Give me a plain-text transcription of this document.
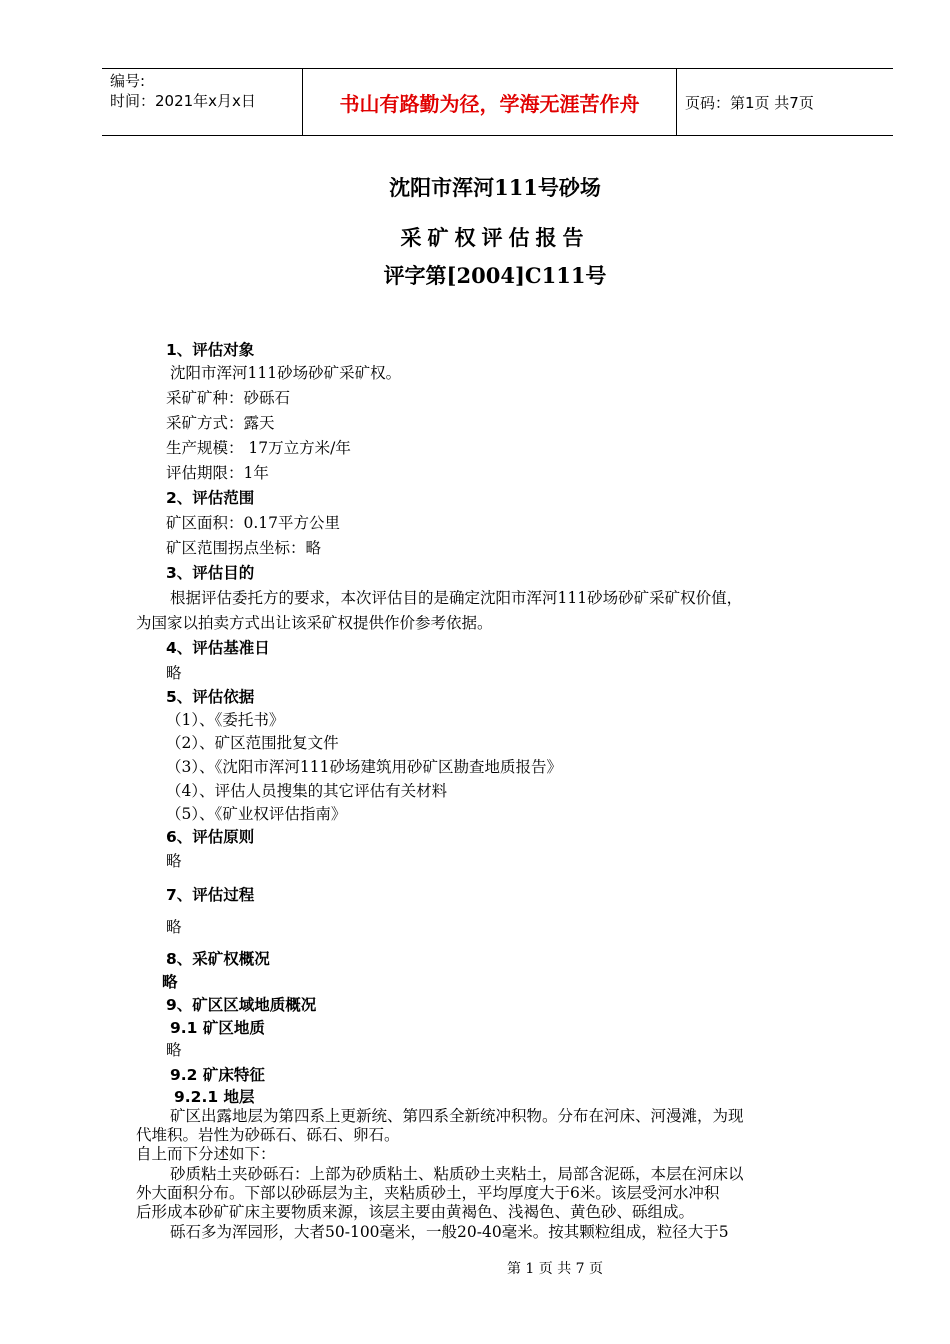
编号:
时间：2021年x月x日	书山有路勤为径，学海无涯苦作舟	页码：第1页 共7页
沈阳市浑河111号砂场
采矿权评估报告
评字第[2004]C111号
1、评估对象
沈阳市浑河111砂场砂矿采矿权。
采矿矿种：砂砾石
采矿方式：露天
生产规模： 17万立方米/年
评估期限：1年
2、评估范围
矿区面积：0.17平方公里
矿区范围拐点坐标：略
3、评估目的
根据评估委托方的要求，本次评估目的是确定沈阳市浑河111砂场砂矿采矿权价值，
为国家以拍卖方式出让该采矿权提供作价参考依据。
4、评估基准日
略
5、评估依据
（1）、《委托书》
（2）、矿区范围批复文件
（3）、《沈阳市浑河111砂场建筑用砂矿区勘查地质报告》
（4）、评估人员搜集的其它评估有关材料
（5）、《矿业权评估指南》
6、评估原则
略
7、评估过程
略
8、采矿权概况
略
9、矿区区域地质概况
9.1 矿区地质
略
9.2 矿床特征
9.2.1 地层
矿区出露地层为第四系上更新统、第四系全新统冲积物。分布在河床、河漫滩，为现
代堆积。岩性为砂砾石、砾石、卵石。
自上而下分述如下：
砂质粘土夹砂砾石：上部为砂质粘土、粘质砂土夹粘土，局部含泥砾，本层在河床以
外大面积分布。下部以砂砾层为主，夹粘质砂土，平均厚度大于6米。该层受河水冲积
后形成本砂矿矿床主要物质来源，该层主要由黄褐色、浅褐色、黄色砂、砾组成。
砾石多为浑园形，大者50-100毫米，一般20-40毫米。按其颗粒组成，粒径大于5
第 1 页 共 7 页
